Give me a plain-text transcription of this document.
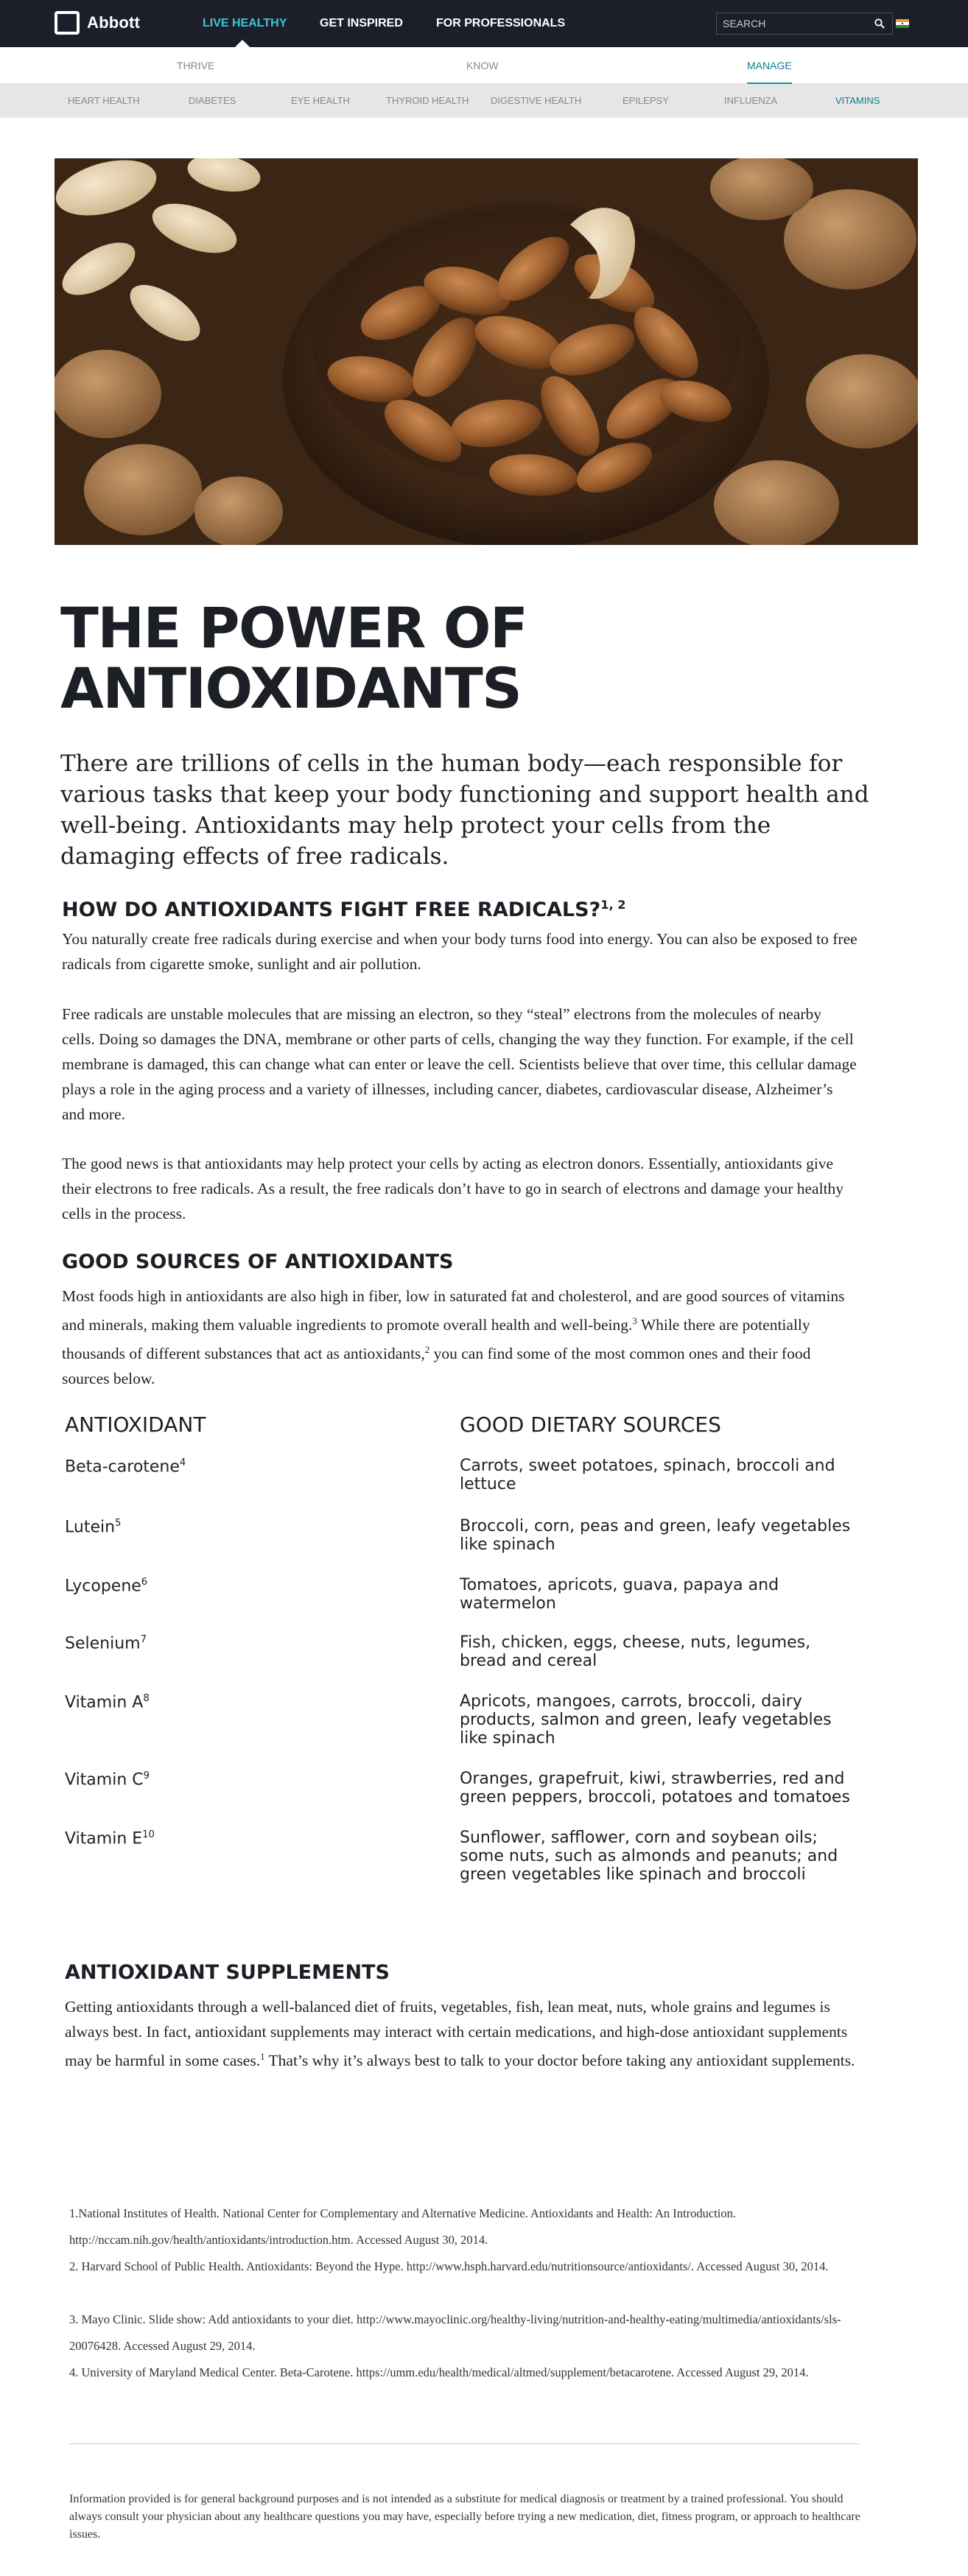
Abbott	LIVE HEALTHY	GET INSPIRED	FOR PROFESSIONALS
SEARCH
THRIVE	KNOW	MANAGE
HEART HEALTH	DIABETES	EYE HEALTH	THYROID HEALTH DIGESTIVE HEALTH	EPILEPSY	INFLUENZA	VITAMINS
THE POWER OF
ANTIOXIDANTS

There are trillions of cells in the human body—each responsible for various tasks that keep your body functioning and support health and well-being. Antioxidants may help protect your cells from the damaging effects of free radicals.

HOW DO ANTIOXIDANTS FIGHT FREE RADICALS?$^{1, 2}$

You naturally create free radicals during exercise and when your body turns food into energy. You can also be exposed to free radicals from cigarette smoke, sunlight and air pollution.

Free radicals are unstable molecules that are missing an electron, so they “steal” electrons from the molecules of nearby cells. Doing so damages the DNA, membrane or other parts of cells, changing the way they function. For example, if the cell membrane is damaged, this can change what can enter or leave the cell. Scientists believe that over time, this cellular damage plays a role in the aging process and a variety of illnesses, including cancer, diabetes, cardiovascular disease, Alzheimer’s and more.

The good news is that antioxidants may help protect your cells by acting as electron donors. Essentially, antioxidants give their electrons to free radicals. As a result, the free radicals don’t have to go in search of electrons and damage your healthy cells in the process.

GOOD SOURCES OF ANTIOXIDANTS

Most foods high in antioxidants are also high in fiber, low in saturated fat and cholesterol, and are good sources of vitamins and minerals, making them valuable ingredients to promote overall health and well-being.$^3$ While there are potentially thousands of different substances that act as antioxidants,$^2$ you can find some of the most common ones and their food sources below.

ANTIOXIDANT	GOOD DIETARY SOURCES
Beta-carotene$^4$	Carrots, sweet potatoes, spinach, broccoli and lettuce
Lutein$^5$	Broccoli, corn, peas and green, leafy vegetables like spinach
Lycopene$^6$	Tomatoes, apricots, guava, papaya and watermelon
Selenium$^7$	Fish, chicken, eggs, cheese, nuts, legumes, bread and cereal
Vitamin $A^8$	Apricots, mangoes, carrots, broccoli, dairy products, salmon and green, leafy vegetables like spinach
Vitamin $C^9$	Oranges, grapefruit, kiwi, strawberries, red and green peppers, broccoli, potatoes and tomatoes
Vitamin $E^{10}$	Sunflower, safflower, corn and soybean oils; some nuts, such as almonds and peanuts; and green vegetables like spinach and broccoli
ANTIOXIDANT SUPPLEMENTS

Getting antioxidants through a well-balanced diet of fruits, vegetables, fish, lean meat, nuts, whole grains and legumes is always best. In fact, antioxidant supplements may interact with certain medications, and high-dose antioxidant supplements may be harmful in some cases.$^1$ That’s why it’s always best to talk to your doctor before taking any antioxidant supplements.

1.National Institutes of Health. National Center for Complementary and Alternative Medicine. Antioxidants and Health: An Introduction. http://nccam.nih.gov/health/antioxidants/introduction.htm. Accessed August 30, 2014.

2. Harvard School of Public Health. Antioxidants: Beyond the Hype. http://www.hsph.harvard.edu/nutritionsource/antioxidants/. Accessed August 30, 2014.

3. Mayo Clinic. Slide show: Add antioxidants to your diet. http://www.mayoclinic.org/healthy-living/nutrition-and-healthy-eating/multimedia/antioxidants/sls-20076428. Accessed August 29, 2014.

4. University of Maryland Medical Center. Beta-Carotene. https://umm.edu/health/medical/altmed/supplement/betacarotene. Accessed August 29, 2014.

Information provided is for general background purposes and is not intended as a substitute for medical diagnosis or treatment by a trained professional. You should always consult your physician about any healthcare questions you may have, especially before trying a new medication, diet, fitness program, or approach to healthcare issues.
